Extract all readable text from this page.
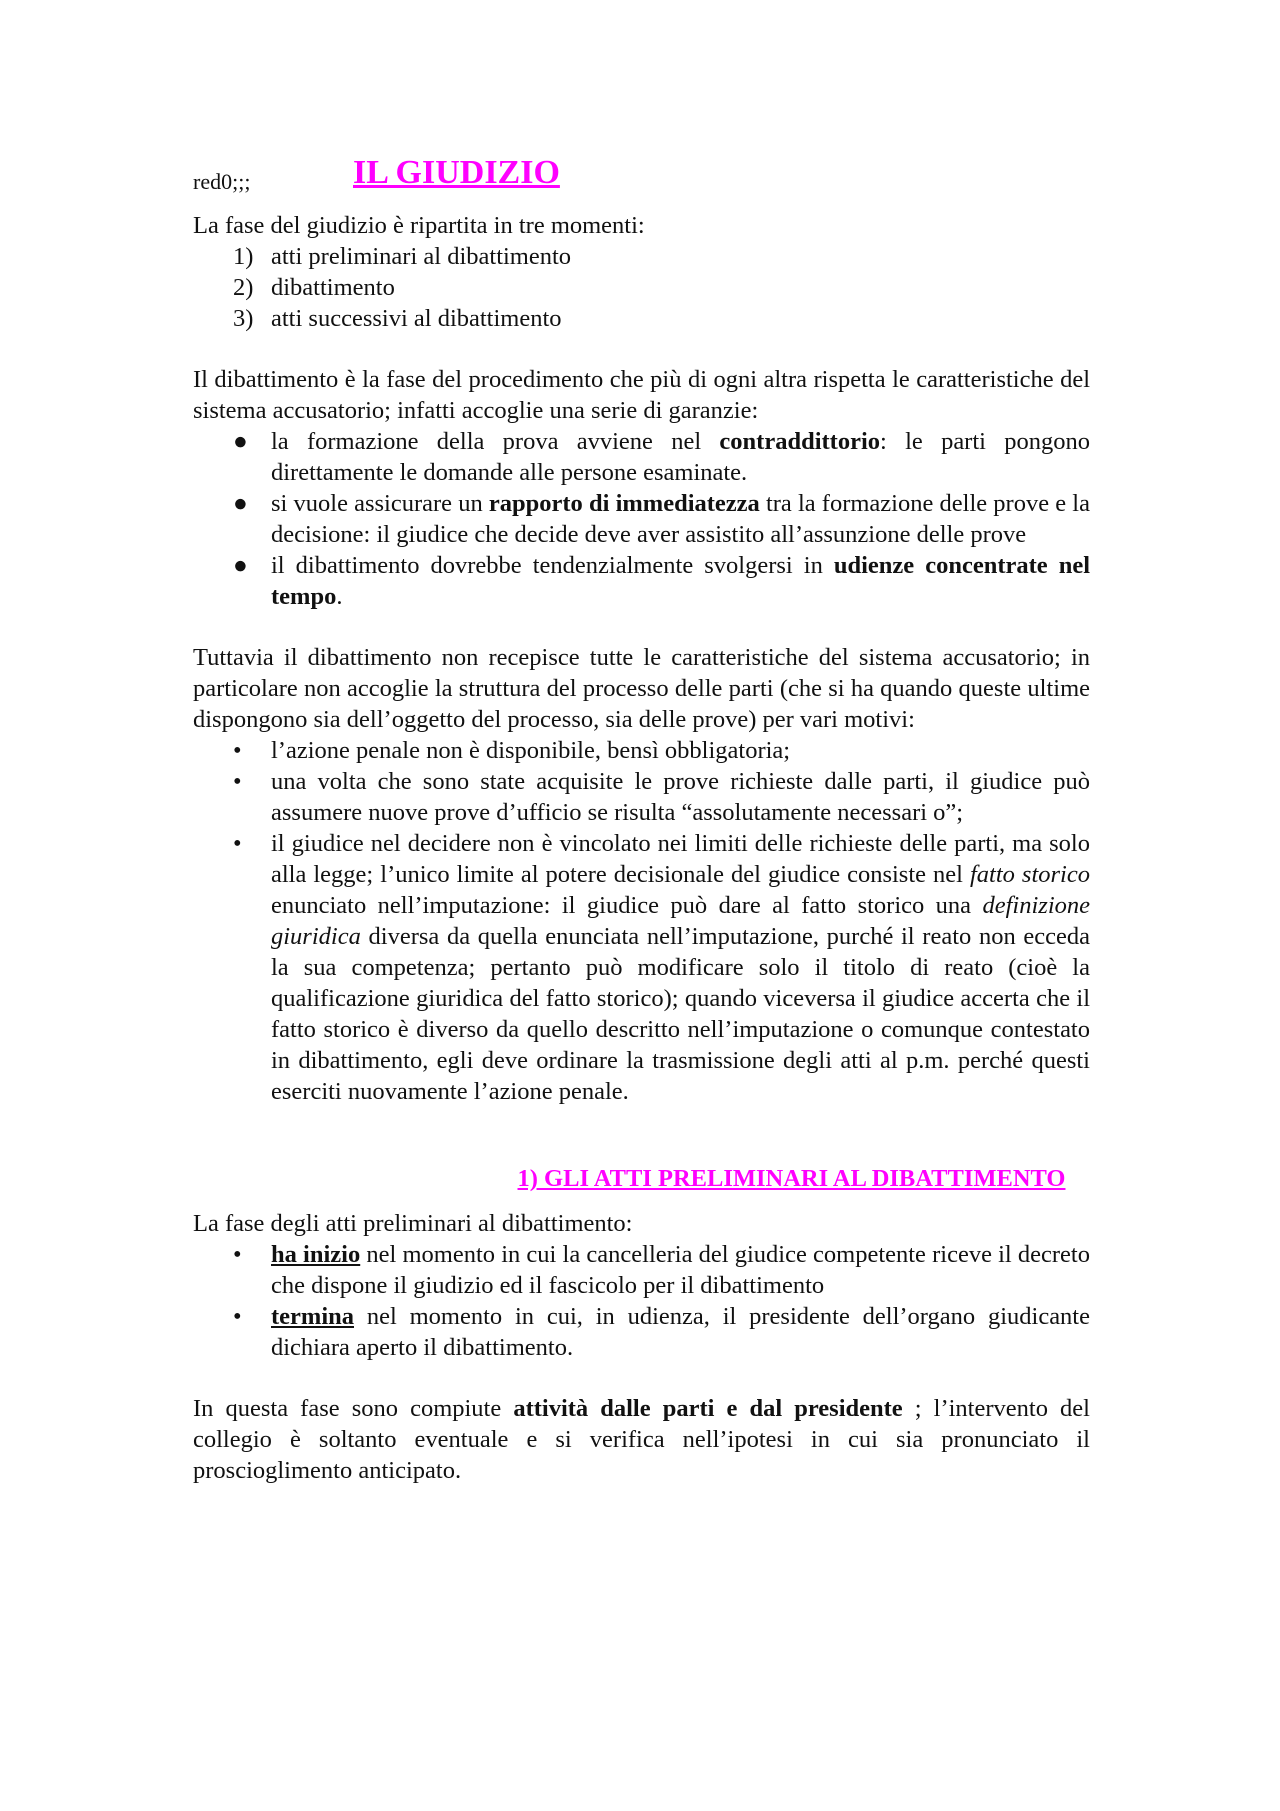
red0;;;	IL GIUDIZIO

La fase del giudizio è ripartita in tre momenti:

1) atti preliminari al dibattimento
2) dibattimento
3) atti successivi al dibattimento

Il dibattimento è la fase del procedimento che più di ogni altra rispetta le caratteristiche del sistema accusatorio; infatti accoglie una serie di garanzie:

● la formazione della prova avviene nel contraddittorio: le parti pongono direttamente le domande alle persone esaminate.
● si vuole assicurare un rapporto di immediatezza tra la formazione delle prove e la decisione: il giudice che decide deve aver assistito all’assunzione delle prove
● il dibattimento dovrebbe tendenzialmente svolgersi in udienze concentrate nel tempo.

Tuttavia il dibattimento non recepisce tutte le caratteristiche del sistema accusatorio; in particolare non accoglie la struttura del processo delle parti (che si ha quando queste ultime dispongono sia dell’oggetto del processo, sia delle prove) per vari motivi:

• l’azione penale non è disponibile, bensì obbligatoria;
• una volta che sono state acquisite le prove richieste dalle parti, il giudice può assumere nuove prove d’ufficio se risulta “assolutamente necessari o”;
• il giudice nel decidere non è vincolato nei limiti delle richieste delle parti, ma solo alla legge; l’unico limite al potere decisionale del giudice consiste nel fatto storico enunciato nell’imputazione: il giudice può dare al fatto storico una definizione giuridica diversa da quella enunciata nell’imputazione, purché il reato non ecceda la sua competenza; pertanto può modificare solo il titolo di reato (cioè la qualificazione giuridica del fatto storico); quando viceversa il giudice accerta che il fatto storico è diverso da quello descritto nell’imputazione o comunque contestato in dibattimento, egli deve ordinare la trasmissione degli atti al p.m. perché questi eserciti nuovamente l’azione penale.
1) GLI ATTI PRELIMINARI AL DIBATTIMENTO

La fase degli atti preliminari al dibattimento:

• ha inizio nel momento in cui la cancelleria del giudice competente riceve il decreto che dispone il giudizio ed il fascicolo per il dibattimento
• termina nel momento in cui, in udienza, il presidente dell’organo giudicante dichiara aperto il dibattimento.

In questa fase sono compiute attività dalle parti e dal presidente ; l’intervento del collegio è soltanto eventuale e si verifica nell’ipotesi in cui sia pronunciato il proscioglimento anticipato.
